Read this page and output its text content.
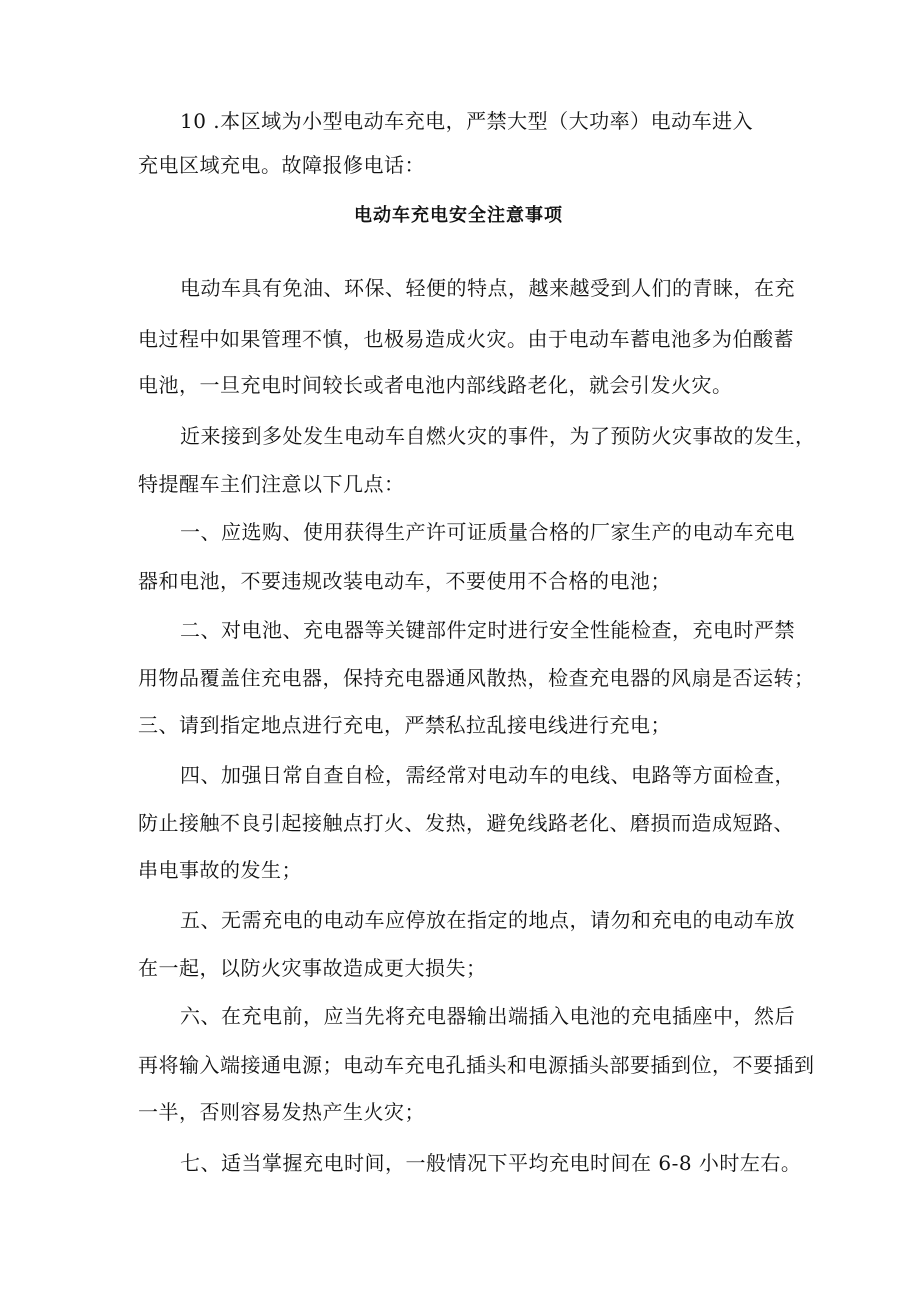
10 .本区域为小型电动车充电，严禁大型（大功率）电动车进入
充电区域充电。故障报修电话：
电动车充电安全注意事项
电动车具有免油、环保、轻便的特点，越来越受到人们的青睐，在充
电过程中如果管理不慎，也极易造成火灾。由于电动车蓄电池多为伯酸蓄
电池，一旦充电时间较长或者电池内部线路老化，就会引发火灾。
近来接到多处发生电动车自燃火灾的事件，为了预防火灾事故的发生，
特提醒车主们注意以下几点：
一、应选购、使用获得生产许可证质量合格的厂家生产的电动车充电
器和电池，不要违规改装电动车，不要使用不合格的电池；
二、对电池、充电器等关键部件定时进行安全性能检查，充电时严禁
用物品覆盖住充电器，保持充电器通风散热，检查充电器的风扇是否运转；
三、请到指定地点进行充电，严禁私拉乱接电线进行充电；
四、加强日常自查自检，需经常对电动车的电线、电路等方面检查，
防止接触不良引起接触点打火、发热，避免线路老化、磨损而造成短路、
串电事故的发生；
五、无需充电的电动车应停放在指定的地点，请勿和充电的电动车放
在一起，以防火灾事故造成更大损失；
六、在充电前，应当先将充电器输出端插入电池的充电插座中，然后
再将输入端接通电源；电动车充电孔插头和电源插头部要插到位，不要插到
一半，否则容易发热产生火灾；
七、适当掌握充电时间，一般情况下平均充电时间在 6-8 小时左右。
